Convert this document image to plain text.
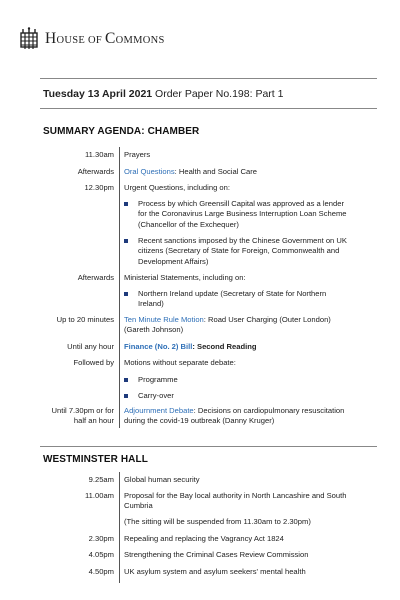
HOUSE OF COMMONS
Tuesday 13 April 2021 Order Paper No.198: Part 1
SUMMARY AGENDA: CHAMBER
11.30am Prayers
Afterwards Oral Questions: Health and Social Care
12.30pm Urgent Questions, including on:
Process by which Greensill Capital was approved as a lender
for the Coronavirus Large Business Interruption Loan Scheme
(Chancellor of the Exchequer)
Recent sanctions imposed by the Chinese Government on UK
citizens (Secretary of State for Foreign, Commonwealth and
Development Affairs)
Afterwards Ministerial Statements, including on:
Northern Ireland update (Secretary of State for Northern
Ireland)
Up to 20 minutes Ten Minute Rule Motion: Road User Charging (Outer London)
(Gareth Johnson)
Until any hour Finance (No. 2) Bill: Second Reading
Followed by Motions without separate debate:
Programme
Carry-over
Until 7.30pm or for
half an hour
Adjournment Debate: Decisions on cardiopulmonary resuscitation
during the covid-19 outbreak (Danny Kruger)
WESTMINSTER HALL
9.25am Global human security
11.00am Proposal for the Bay local authority in North Lancashire and South
Cumbria
(The sitting will be suspended from 11.30am to 2.30pm)
2.30pm Repealing and replacing the Vagrancy Act 1824
4.05pm Strengthening the Criminal Cases Review Commission
4.50pm UK asylum system and asylum seekers' mental health
